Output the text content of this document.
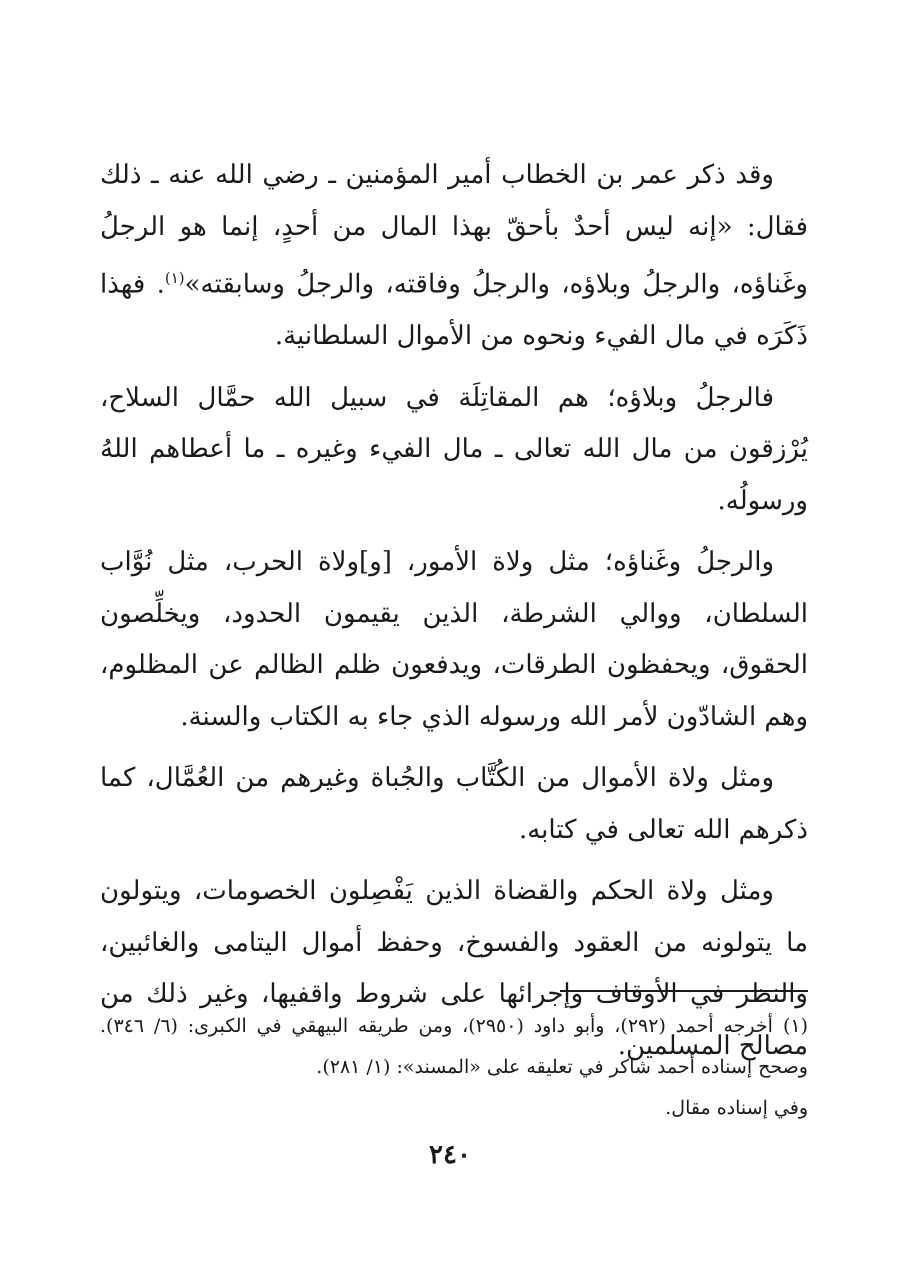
وقد ذكر عمر بن الخطاب أمير المؤمنين ـ رضي الله عنه ـ ذلك فقال: «إنه ليس أحدٌ بأحقّ بهذا المال من أحدٍ، إنما هو الرجلُ وغَناؤه، والرجلُ وبلاؤه، والرجلُ وفاقته، والرجلُ وسابقته»$^{(١)}$. فهذا ذَكَرَه في مال الفيء ونحوه من الأموال السلطانية.

فالرجلُ وبلاؤه؛ هم المقاتِلَة في سبيل الله حمَّال السلاح، يُرْزقون من مال الله تعالى ـ مال الفيء وغيره ـ ما أعطاهم اللهُ ورسولُه.

والرجلُ وغَناؤه؛ مثل ولاة الأمور، [و]ولاة الحرب، مثل نُوَّاب السلطان، ووالي الشرطة، الذين يقيمون الحدود، ويخلِّصون الحقوق، ويحفظون الطرقات، ويدفعون ظلم الظالم عن المظلوم، وهم الشادّون لأمر الله ورسوله الذي جاء به الكتاب والسنة.

ومثل ولاة الأموال من الكُتَّاب والجُباة وغيرهم من العُمَّال، كما ذكرهم الله تعالى في كتابه.

ومثل ولاة الحكم والقضاة الذين يَفْصِلون الخصومات، ويتولون ما يتولونه من العقود والفسوخ، وحفظ أموال اليتامى والغائبين، والنظر في الأوقاف وإجرائها على شروط واقفيها، وغير ذلك من مصالح المسلمين.

(١)أخرجه أحمد (٢٩٢)، وأبو داود (٢٩٥٠)، ومن طريقه البيهقي في الكبرى: (٦/ ٣٤٦). وصحح إسناده أحمد شاكر في تعليقه على «المسند»: (١/ ٢٨١).

وفي إسناده مقال.

٢٤٠
